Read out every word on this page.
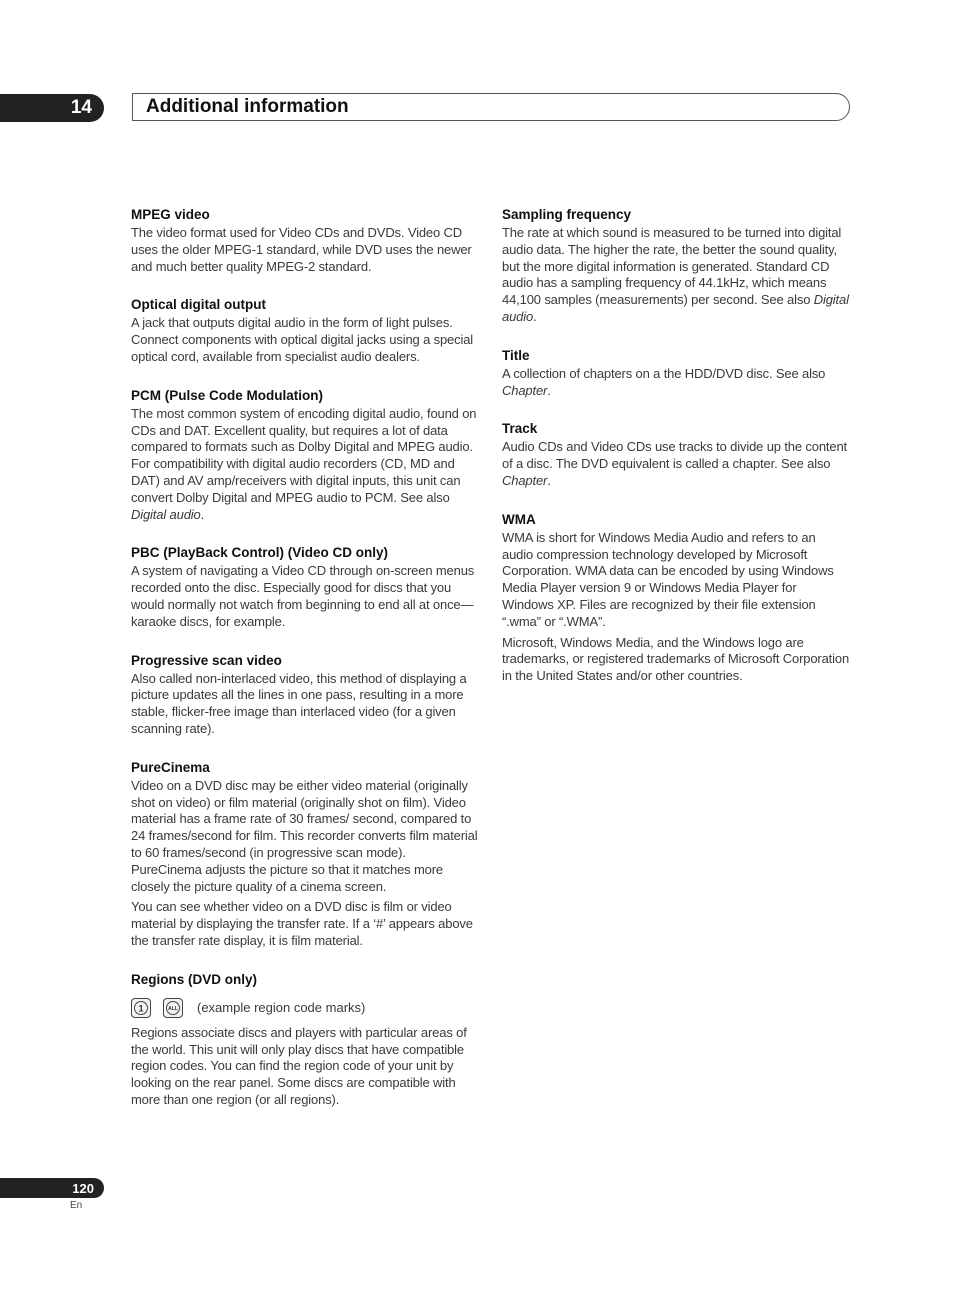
14	Additional information

MPEG video

The video format used for Video CDs and DVDs. Video CD uses the older MPEG-1 standard, while DVD uses the newer and much better quality MPEG-2 standard.

Optical digital output

A jack that outputs digital audio in the form of light pulses. Connect components with optical digital jacks using a special optical cord, available from specialist audio dealers.

PCM (Pulse Code Modulation)

The most common system of encoding digital audio, found on CDs and DAT. Excellent quality, but requires a lot of data compared to formats such as Dolby Digital and MPEG audio. For compatibility with digital audio recorders (CD, MD and DAT) and AV amp/receivers with digital inputs, this unit can convert Dolby Digital and MPEG audio to PCM. See also Digital audio.

PBC (PlayBack Control) (Video CD only)

A system of navigating a Video CD through on-screen menus recorded onto the disc. Especially good for discs that you would normally not watch from beginning to end all at once—karaoke discs, for example.

Progressive scan video

Also called non-interlaced video, this method of displaying a picture updates all the lines in one pass, resulting in a more stable, flicker-free image than interlaced video (for a given scanning rate).

PureCinema

Video on a DVD disc may be either video material (originally shot on video) or film material (originally shot on film). Video material has a frame rate of 30 frames/ second, compared to 24 frames/second for film. This recorder converts film material to 60 frames/second (in progressive scan mode). PureCinema adjusts the picture so that it matches more closely the picture quality of a cinema screen.

You can see whether video on a DVD disc is film or video material by displaying the transfer rate. If a ‘#’ appears above the transfer rate display, it is film material.

Regions (DVD only)

1	ALL (example region code marks)

Regions associate discs and players with particular areas of the world. This unit will only play discs that have compatible region codes. You can find the region code of your unit by looking on the rear panel. Some discs are compatible with more than one region (or all regions).

Sampling frequency

The rate at which sound is measured to be turned into digital audio data. The higher the rate, the better the sound quality, but the more digital information is generated. Standard CD audio has a sampling frequency of 44.1kHz, which means 44,100 samples (measurements) per second. See also Digital audio.

Title

A collection of chapters on a the HDD/DVD disc. See also Chapter.

Track

Audio CDs and Video CDs use tracks to divide up the content of a disc. The DVD equivalent is called a chapter. See also Chapter.

WMA

WMA is short for Windows Media Audio and refers to an audio compression technology developed by Microsoft Corporation. WMA data can be encoded by using Windows Media Player version 9 or Windows Media Player for Windows XP. Files are recognized by their file extension “.wma” or “.WMA”.

Microsoft, Windows Media, and the Windows logo are trademarks, or registered trademarks of Microsoft Corporation in the United States and/or other countries.

120
En
